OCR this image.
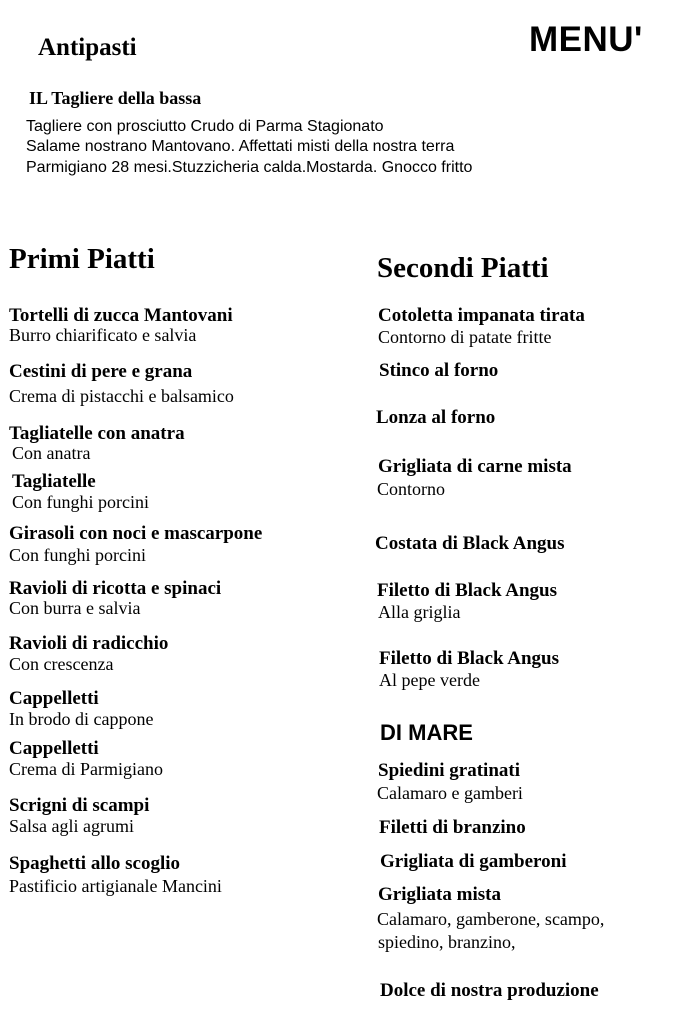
MENU'
Antipasti
IL Tagliere della bassa
Tagliere con prosciutto Crudo di Parma Stagionato
Salame nostrano Mantovano. Affettati misti della nostra terra
Parmigiano 28 mesi.Stuzzicheria calda.Mostarda. Gnocco fritto
Primi Piatti
Tortelli di zucca Mantovani
Burro chiarificato e salvia
Cestini di pere e grana
Crema di pistacchi e balsamico
Tagliatelle con anatra
Con anatra
Tagliatelle
Con funghi porcini
Girasoli con noci e mascarpone
Con funghi porcini
Ravioli di ricotta e spinaci
Con burra e salvia
Ravioli di radicchio
Con crescenza
Cappelletti
In brodo di cappone
Cappelletti
Crema di Parmigiano
Scrigni di scampi
Salsa agli agrumi
Spaghetti allo scoglio
Pastificio artigianale Mancini
Secondi Piatti
Cotoletta impanata tirata
Contorno di patate fritte
Stinco al forno
Lonza al forno
Grigliata di carne mista
Contorno
Costata di Black Angus
Filetto di Black Angus
Alla griglia
Filetto di Black Angus
Al pepe verde
DI MARE
Spiedini gratinati
Calamaro e gamberi
Filetti di branzino
Grigliata di gamberoni
Grigliata mista
Calamaro, gamberone, scampo,
spiedino, branzino,
Dolce di nostra produzione
